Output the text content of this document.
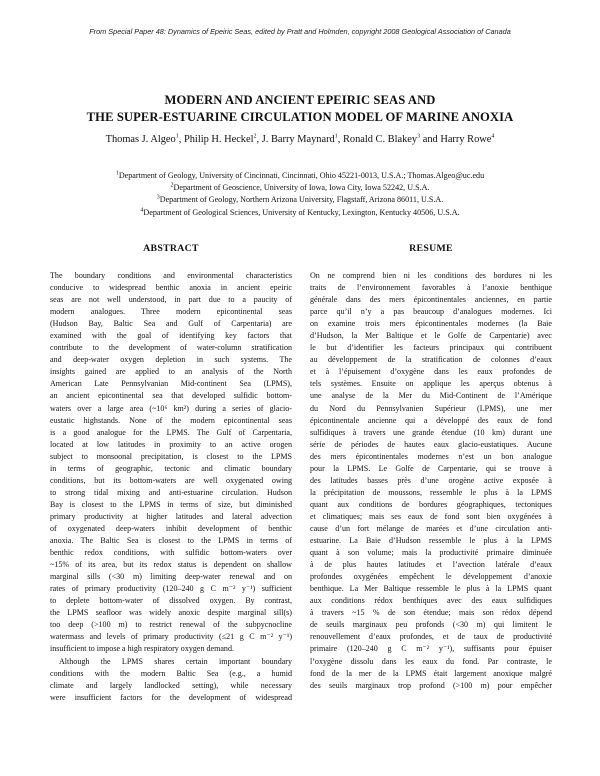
From Special Paper 48: Dynamics of Epeiric Seas, edited by Pratt and Holmden, copyright 2008 Geological Association of Canada
MODERN AND ANCIENT EPEIRIC SEAS AND
THE SUPER-ESTUARINE CIRCULATION MODEL OF MARINE ANOXIA
Thomas J. Algeo$^1$, Philip H. Heckel$^2$, J. Barry Maynard$^1$, Ronald C. Blakey$^3$ and Harry Rowe$^4$
$^1$Department of Geology, University of Cincinnati, Cincinnati, Ohio 45221-0013, U.S.A.; Thomas.Algeo@uc.edu
$^2$Department of Geoscience, University of Iowa, Iowa City, Iowa 52242, U.S.A.
$^3$Department of Geology, Northern Arizona University, Flagstaff, Arizona 86011, U.S.A.
$^4$Department of Geological Sciences, University of Kentucky, Lexington, Kentucky 40506, U.S.A.
ABSTRACT
The boundary conditions and environmental characteristics
conducive to widespread benthic anoxia in ancient epeiric
seas are not well understood, in part due to a paucity of
modern analogues. Three modern epicontinental seas
(Hudson Bay, Baltic Sea and Gulf of Carpentaria) are
examined with the goal of identifying key factors that
contribute to the development of water-column stratification
and deep-water oxygen depletion in such systems. The
insights gained are applied to an analysis of the North
American Late Pennsylvanian Mid-continent Sea (LPMS),
an ancient epicontinental sea that developed sulfidic bottom-
waters over a large area (~10⁶ km²) during a series of glacio-
eustatic highstands. None of the modern epicontinental seas
is a good analogue for the LPMS. The Gulf of Carpentaria,
located at low latitudes in proximity to an active orogen
subject to monsoonal precipitation, is closest to the LPMS
in terms of geographic, tectonic and climatic boundary
conditions, but its bottom-waters are well oxygenated owing
to strong tidal mixing and anti-estuarine circulation. Hudson
Bay is closest to the LPMS in terms of size, but diminished
primary productivity at higher latitudes and lateral advection
of oxygenated deep-waters inhibit development of benthic
anoxia. The Baltic Sea is closest to the LPMS in terms of
benthic redox conditions, with sulfidic bottom-waters over
~15% of its area, but its redox status is dependent on shallow
marginal sills (<30 m) limiting deep-water renewal and on
rates of primary productivity (120–240 g C m⁻² y⁻¹) sufficient
to deplete bottom-water of dissolved oxygen. By contrast,
the LPMS seafloor was widely anoxic despite marginal sill(s)
too deep (>100 m) to restrict renewal of the subpycnocline
watermass and levels of primary productivity (≤21 g C m⁻² y⁻¹)
insufficient to impose a high respiratory oxygen demand.
Although the LPMS shares certain important boundary
conditions with the modern Baltic Sea (e.g., a humid
climate and largely landlocked setting), while necessary
were insufficient factors for the development of widespread
RESUME
On ne comprend bien ni les conditions des bordures ni les
traits de l’environnement favorables à l’anoxie benthique
générale dans des mers épicontinentales anciennes, en partie
parce qu’il n’y a pas beaucoup d’analogues modernes. Ici
on examine trois mers épicontinentales modernes (la Baie
d’Hudson, la Mer Baltique et le Golfe de Carpentarie) avec
le but d’identifier les facteurs principaux qui contribuent
au développement de la stratification de colonnes d’eaux
et à l’épuisement d’oxygène dans les eaux profondes de
tels systèmes. Ensuite on applique les aperçus obtenus à
une analyse de la Mer du Mid-Continent de l’Amérique
du Nord du Pennsylvanien Supérieur (LPMS), une mer
épicontinentale ancienne qui a développé des eaux de fond
sulfidiques à travers une grande étendue (10 km) durant une
série de périodes de hautes eaux glacio-eustatiques. Aucune
des mers épicontinentales modernes n’est un bon analogue
pour la LPMS. Le Golfe de Carpentarie, qui se trouve à
des latitudes basses près d’une orogène active exposée à
la précipitation de moussons, ressemble le plus à la LPMS
quant aux conditions de bordures géographiques, tectoniques
et climatiques; mais ses eaux de fond sont bien oxygénées à
cause d’un fort mélange de marées et d’une circulation anti-
estuarine. La Baie d’Hudson ressemble le plus à la LPMS
quant à son volume; mais la productivité primaire diminuée
à de plus hautes latitudes et l’avection latérale d’eaux
profondes oxygénées empêchent le développement d’anoxie
benthique. La Mer Baltique ressemble le plus à la LPMS quant
aux conditions rédox benthiques avec des eaux sulfidiques
à travers ~15 % de son étendue; mais son rédox dépend
de seuils marginaux peu profonds (<30 m) qui limitent le
renouvellement d’eaux profondes, et de taux de productivité
primaire (120–240 g C m⁻² y⁻¹), suffisants pour épuiser
l’oxygène dissolu dans les eaux du fond. Par contraste, le
fond de la mer de la LPMS était largement anoxique malgré
des seuils marginaux trop profond (>100 m) pour empêcher
